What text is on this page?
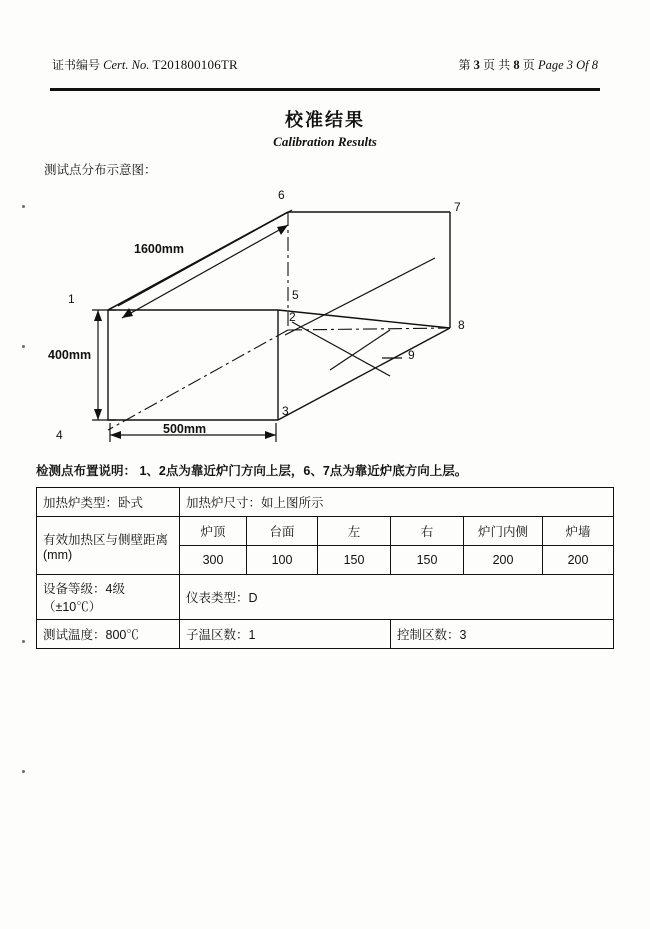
证书编号 Cert. No. T201800106TR	第 3 页 共 8 页 Page 3 Of 8
校准结果
Calibration Results
测试点分布示意图：
6
7
8
5
2
1
4
3
9
1600mm
400mm
500mm
检测点布置说明： 1、2点为靠近炉门方向上层，6、7点为靠近炉底方向上层。
加热炉类型：卧式	加热炉尺寸：如上图所示					
有效加热区与侧壁距离(mm)	炉顶	台面	左	右	炉门内侧	炉墙
	300	100	150	150	200	200
设备等级：4级（±10℃）	仪表类型：D					
测试温度：800℃	子温区数：1			控制区数：3		
